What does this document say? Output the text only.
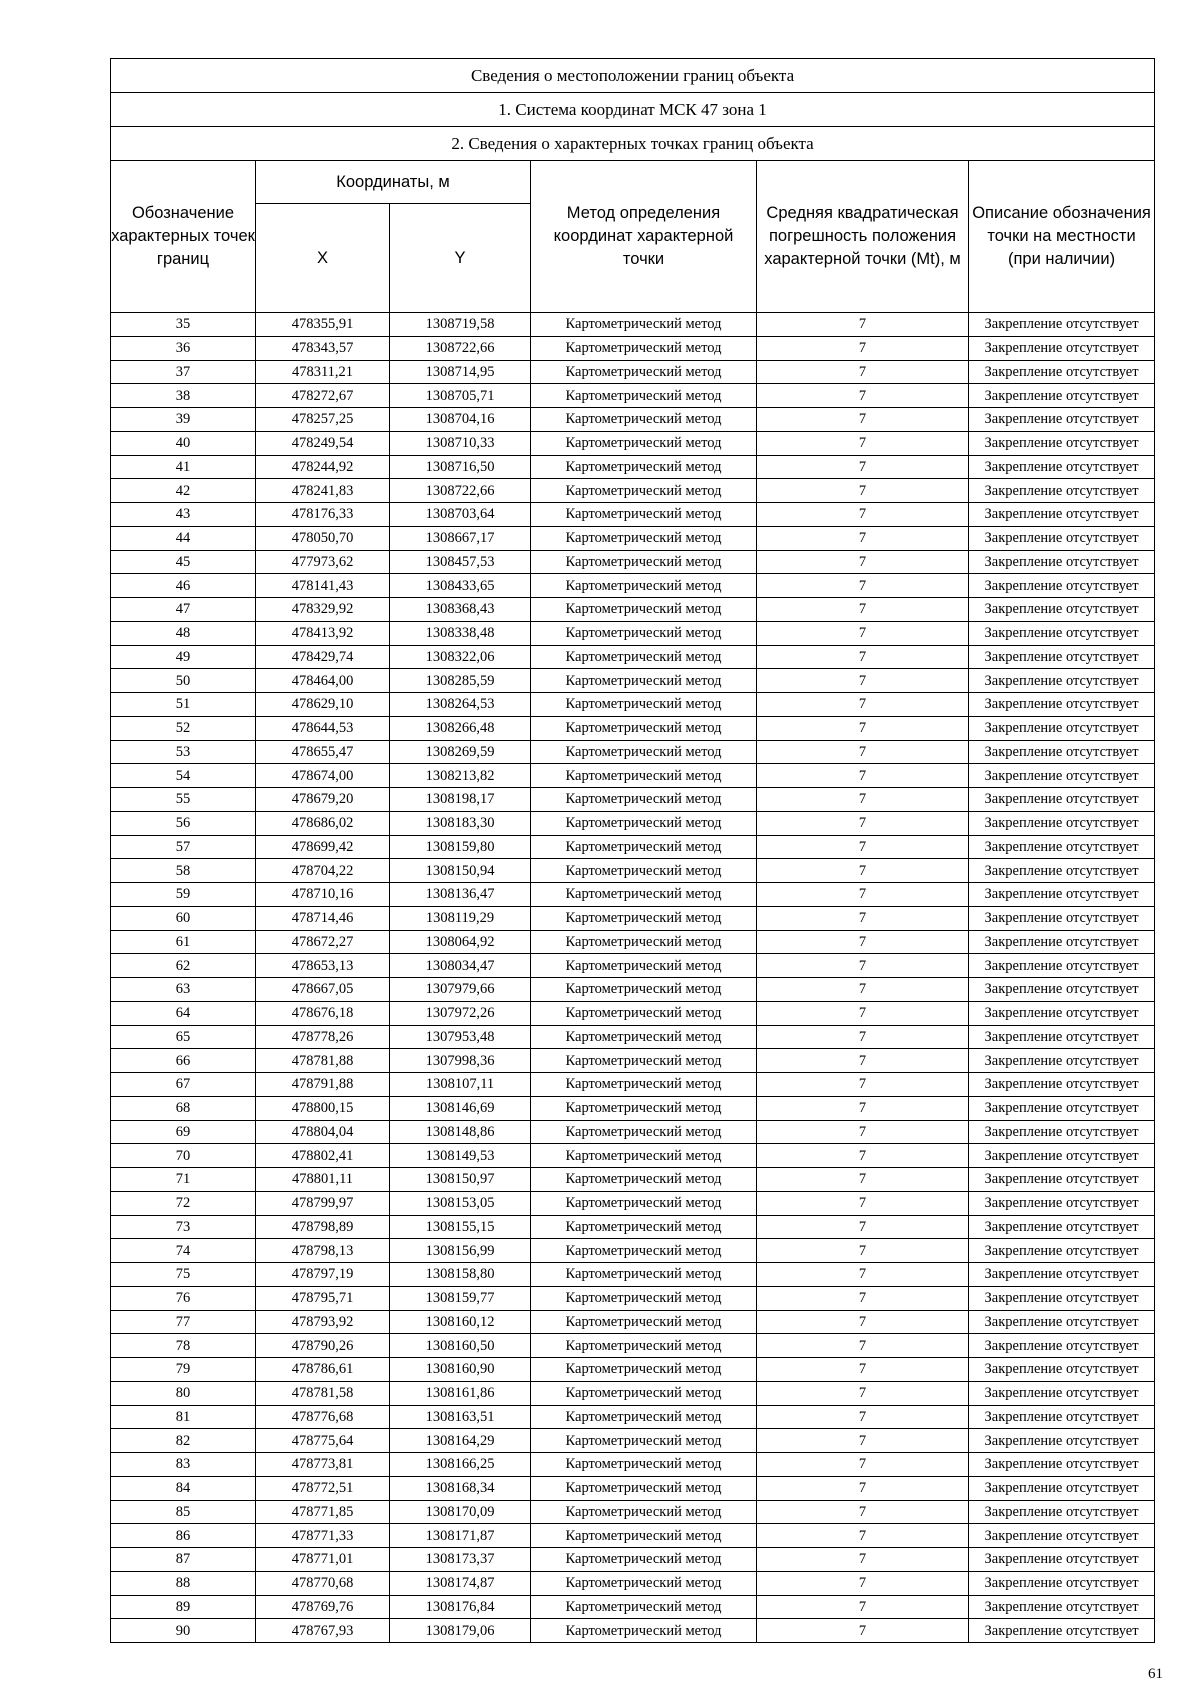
Сведения о местоположении границ объекта					
1. Система координат МСК 47 зона 1					
2. Сведения о характерных точках границ объекта					
Обозначение характерных точек границ	Координаты, м		Метод определения координат характерной точки	Средняя квадратическая погрешность положения характерной точки (Mt), м	Описание обозначения точки на местности (при наличии)
	X	Y			
35	478355,91	1308719,58	Картометрический метод	7	Закрепление отсутствует
36	478343,57	1308722,66	Картометрический метод	7	Закрепление отсутствует
37	478311,21	1308714,95	Картометрический метод	7	Закрепление отсутствует
38	478272,67	1308705,71	Картометрический метод	7	Закрепление отсутствует
39	478257,25	1308704,16	Картометрический метод	7	Закрепление отсутствует
40	478249,54	1308710,33	Картометрический метод	7	Закрепление отсутствует
41	478244,92	1308716,50	Картометрический метод	7	Закрепление отсутствует
42	478241,83	1308722,66	Картометрический метод	7	Закрепление отсутствует
43	478176,33	1308703,64	Картометрический метод	7	Закрепление отсутствует
44	478050,70	1308667,17	Картометрический метод	7	Закрепление отсутствует
45	477973,62	1308457,53	Картометрический метод	7	Закрепление отсутствует
46	478141,43	1308433,65	Картометрический метод	7	Закрепление отсутствует
47	478329,92	1308368,43	Картометрический метод	7	Закрепление отсутствует
48	478413,92	1308338,48	Картометрический метод	7	Закрепление отсутствует
49	478429,74	1308322,06	Картометрический метод	7	Закрепление отсутствует
50	478464,00	1308285,59	Картометрический метод	7	Закрепление отсутствует
51	478629,10	1308264,53	Картометрический метод	7	Закрепление отсутствует
52	478644,53	1308266,48	Картометрический метод	7	Закрепление отсутствует
53	478655,47	1308269,59	Картометрический метод	7	Закрепление отсутствует
54	478674,00	1308213,82	Картометрический метод	7	Закрепление отсутствует
55	478679,20	1308198,17	Картометрический метод	7	Закрепление отсутствует
56	478686,02	1308183,30	Картометрический метод	7	Закрепление отсутствует
57	478699,42	1308159,80	Картометрический метод	7	Закрепление отсутствует
58	478704,22	1308150,94	Картометрический метод	7	Закрепление отсутствует
59	478710,16	1308136,47	Картометрический метод	7	Закрепление отсутствует
60	478714,46	1308119,29	Картометрический метод	7	Закрепление отсутствует
61	478672,27	1308064,92	Картометрический метод	7	Закрепление отсутствует
62	478653,13	1308034,47	Картометрический метод	7	Закрепление отсутствует
63	478667,05	1307979,66	Картометрический метод	7	Закрепление отсутствует
64	478676,18	1307972,26	Картометрический метод	7	Закрепление отсутствует
65	478778,26	1307953,48	Картометрический метод	7	Закрепление отсутствует
66	478781,88	1307998,36	Картометрический метод	7	Закрепление отсутствует
67	478791,88	1308107,11	Картометрический метод	7	Закрепление отсутствует
68	478800,15	1308146,69	Картометрический метод	7	Закрепление отсутствует
69	478804,04	1308148,86	Картометрический метод	7	Закрепление отсутствует
70	478802,41	1308149,53	Картометрический метод	7	Закрепление отсутствует
71	478801,11	1308150,97	Картометрический метод	7	Закрепление отсутствует
72	478799,97	1308153,05	Картометрический метод	7	Закрепление отсутствует
73	478798,89	1308155,15	Картометрический метод	7	Закрепление отсутствует
74	478798,13	1308156,99	Картометрический метод	7	Закрепление отсутствует
75	478797,19	1308158,80	Картометрический метод	7	Закрепление отсутствует
76	478795,71	1308159,77	Картометрический метод	7	Закрепление отсутствует
77	478793,92	1308160,12	Картометрический метод	7	Закрепление отсутствует
78	478790,26	1308160,50	Картометрический метод	7	Закрепление отсутствует
79	478786,61	1308160,90	Картометрический метод	7	Закрепление отсутствует
80	478781,58	1308161,86	Картометрический метод	7	Закрепление отсутствует
81	478776,68	1308163,51	Картометрический метод	7	Закрепление отсутствует
82	478775,64	1308164,29	Картометрический метод	7	Закрепление отсутствует
83	478773,81	1308166,25	Картометрический метод	7	Закрепление отсутствует
84	478772,51	1308168,34	Картометрический метод	7	Закрепление отсутствует
85	478771,85	1308170,09	Картометрический метод	7	Закрепление отсутствует
86	478771,33	1308171,87	Картометрический метод	7	Закрепление отсутствует
87	478771,01	1308173,37	Картометрический метод	7	Закрепление отсутствует
88	478770,68	1308174,87	Картометрический метод	7	Закрепление отсутствует
89	478769,76	1308176,84	Картометрический метод	7	Закрепление отсутствует
90	478767,93	1308179,06	Картометрический метод	7	Закрепление отсутствует
61
